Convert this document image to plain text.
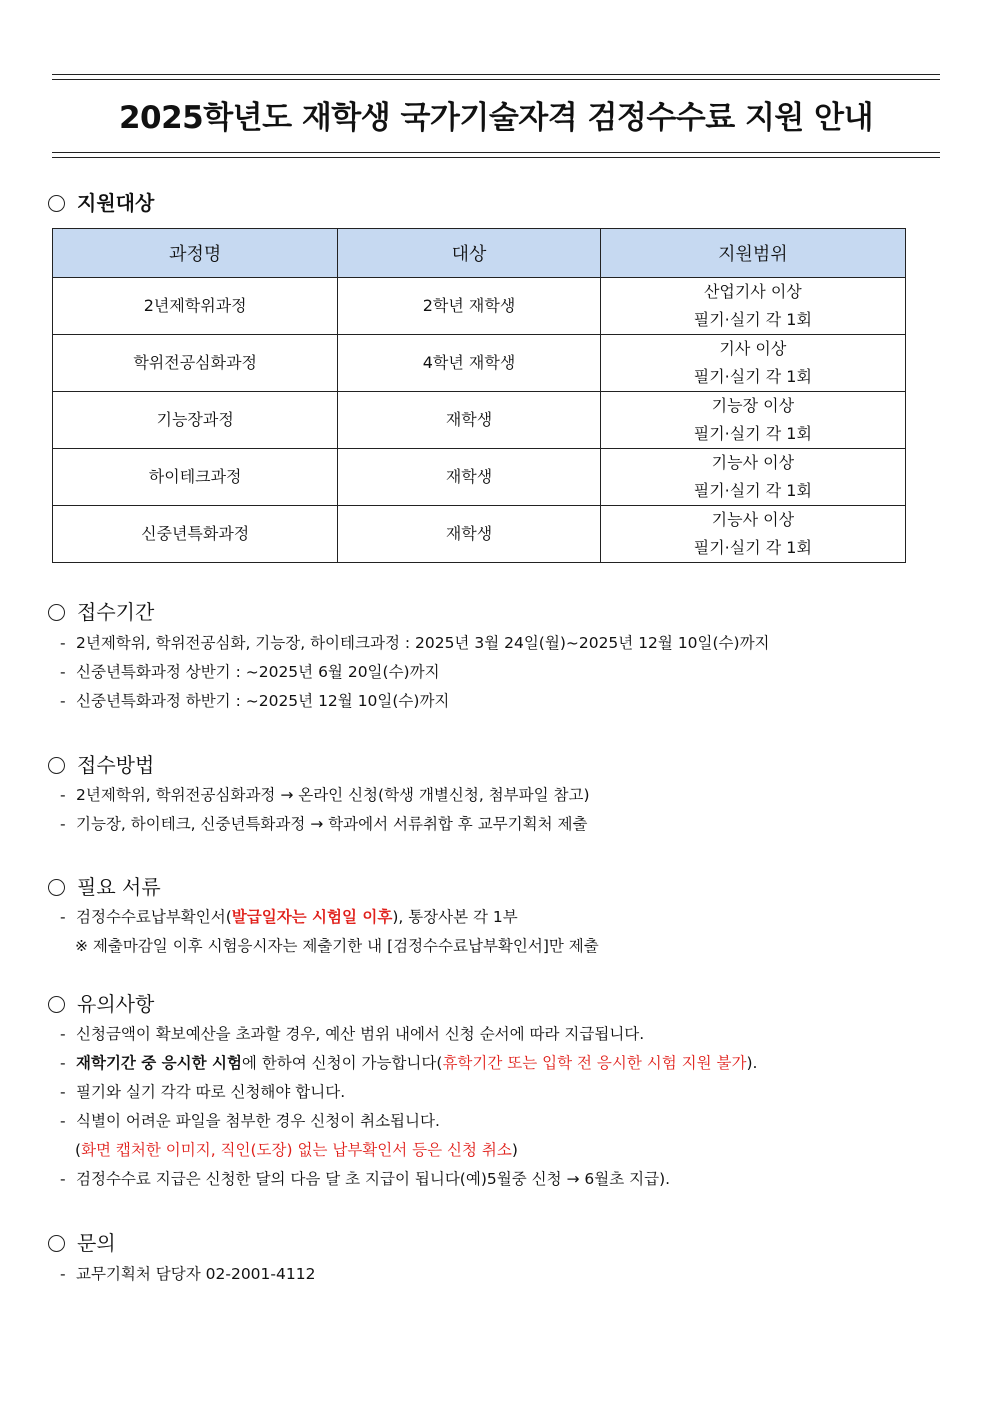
2025학년도 재학생 국가기술자격 검정수수료 지원 안내
지원대상
과정명	대상	지원범위
2년제학위과정	2학년 재학생	산업기사 이상
필기·실기 각 1회

학위전공심화과정	4학년 재학생	기사 이상
필기·실기 각 1회

기능장과정	재학생	기능장 이상
필기·실기 각 1회

하이테크과정	재학생	기능사 이상
필기·실기 각 1회

신중년특화과정	재학생	기능사 이상
필기·실기 각 1회
접수기간
- 2년제학위, 학위전공심화, 기능장, 하이테크과정 : 2025년 3월 24일(월)~2025년 12월 10일(수)까지
- 신중년특화과정 상반기 : ~2025년 6월 20일(수)까지
- 신중년특화과정 하반기 : ~2025년 12월 10일(수)까지
접수방법
- 2년제학위, 학위전공심화과정 → 온라인 신청(학생 개별신청, 첨부파일 참고)
- 기능장, 하이테크, 신중년특화과정 → 학과에서 서류취합 후 교무기획처 제출
필요 서류
- 검정수수료납부확인서(발급일자는 시험일 이후), 통장사본 각 1부
※ 제출마감일 이후 시험응시자는 제출기한 내 [검정수수료납부확인서]만 제출
유의사항
- 신청금액이 확보예산을 초과할 경우, 예산 범위 내에서 신청 순서에 따라 지급됩니다.
- 재학기간 중 응시한 시험에 한하여 신청이 가능합니다(휴학기간 또는 입학 전 응시한 시험 지원 불가).
- 필기와 실기 각각 따로 신청해야 합니다.
- 식별이 어려운 파일을 첨부한 경우 신청이 취소됩니다.
(화면 캡처한 이미지, 직인(도장) 없는 납부확인서 등은 신청 취소)
- 검정수수료 지급은 신청한 달의 다음 달 초 지급이 됩니다(예)5월중 신청 → 6월초 지급).
문의
- 교무기획처 담당자 02-2001-4112
